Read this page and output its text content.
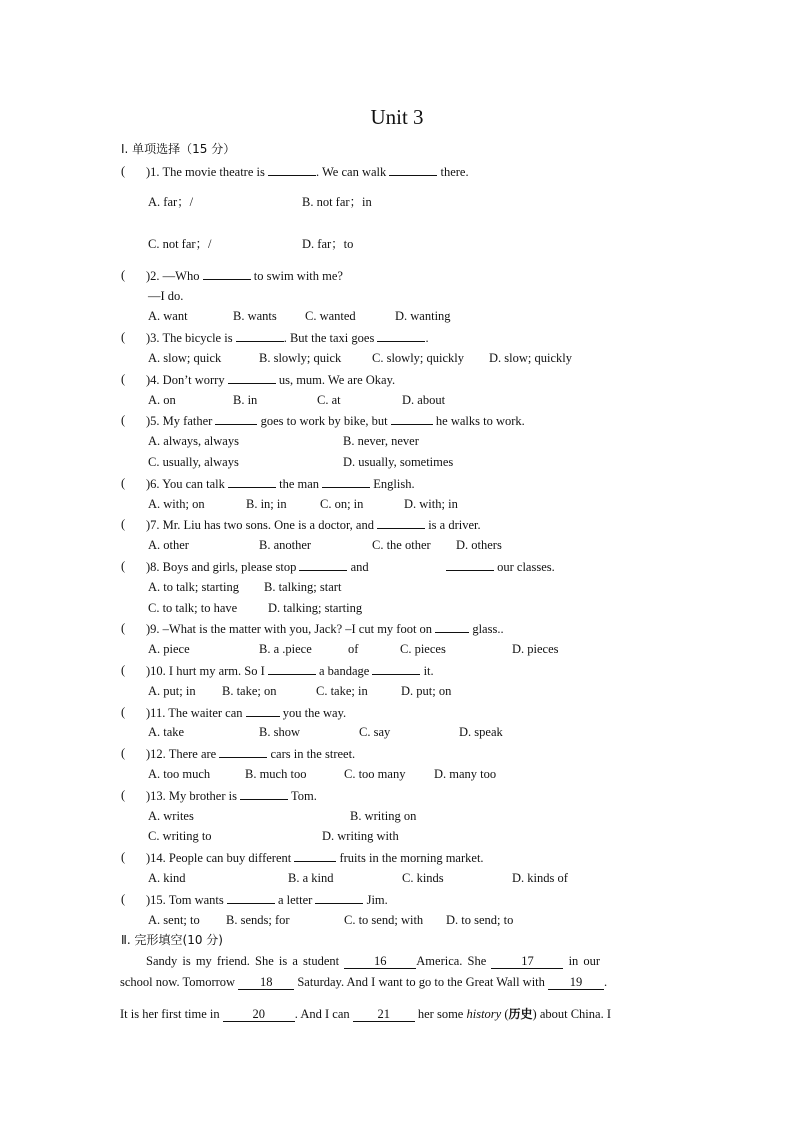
Unit 3
Ⅰ. 单项选择（15 分）
( )1. The movie theatre is	. We can walk	there.
A. far；/	B. not far；in
C. not far；/	D. far；to
( )2. —Who	to swim with me?
—I do.
A. want	B. wants C. wanted	D. wanting
( )3. The bicycle is	. But the taxi goes	.
A. slow; quick	B. slowly; quick C. slowly; quickly D. slow; quickly
( )4. Don’t worry	us, mum. We are Okay.
A. on	B. in	C. at	D. about
( )5. My father	goes to work by bike, but	he walks to work.
A. always, always	B. never, never
C. usually, always	D. usually, sometimes
( )6. You can talk	the man	English.
A. with; on	B. in; in	C. on; in	D. with; in
( )7. Mr. Liu has two sons. One is a doctor, and	is a driver.
A. other	B. another	C. the other D. others
( )8. Boys and girls, please stop	and	our classes.
A. to talk; starting B. talking; start
C. to talk; to have D. talking; starting
( )9. –What is the matter with you, Jack? –I cut my foot on	glass..
A. piece	B. a .piece	of	C. pieces	D. pieces
( )10. I hurt my arm. So I	a bandage	it.
A. put; in B. take; on	C. take; in	D. put; on
( )11. The waiter can	you the way.
A. take	B. show	C. say	D. speak
( )12. There are	cars in the street.
A. too much	B. much too	C. too many D. many too
( )13. My brother is	Tom.
A. writes	B. writing on
C. writing to	D. writing with
( )14. People can buy different	fruits in the morning market.
A. kind	B. a kind	C. kinds	D. kinds of
( )15. Tom wants	a letter	Jim.
A. sent; to B. sends; for	C. to send; with D. to send; to
Ⅱ. 完形填空(10 分)
Sandy is my friend. She is a student	16 America. She	17	in our
school now. Tomorrow 18 Saturday. And I want to go to the Great Wall with 19 .
It is her first time in	20 . And I can 21 her some history (历史) about China. I
